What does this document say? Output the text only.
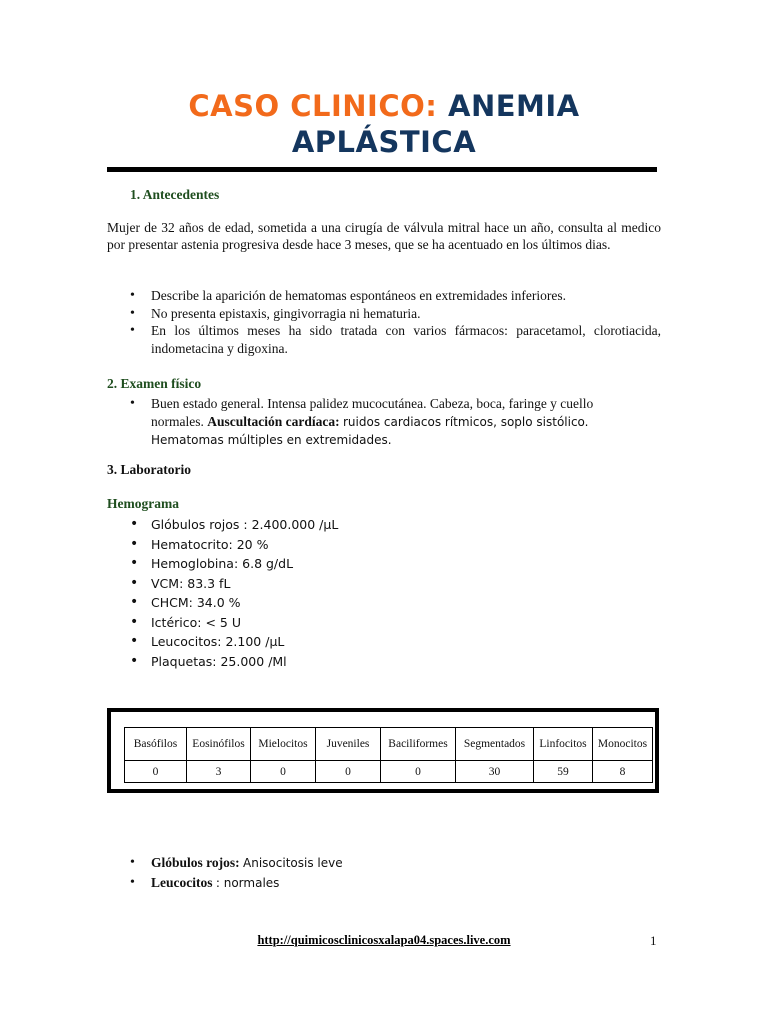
CASO CLINICO: ANEMIA
APLÁSTICA
1. Antecedentes
Mujer de 32 años de edad, sometida a una cirugía de válvula mitral hace un año, consulta al medico por presentar astenia progresiva desde hace 3 meses, que se ha acentuado en los últimos dias.
• Describe la aparición de hematomas espontáneos en extremidades inferiores.
• No presenta epistaxis, gingivorragia ni hematuria.
• En los últimos meses ha sido tratada con varios fármacos: paracetamol, clorotiacida, indometacina y digoxina.
2. Examen físico
• Buen estado general. Intensa palidez mucocutánea. Cabeza, boca, faringe y cuello normales. Auscultación cardíaca: ruidos cardiacos rítmicos, soplo sistólico. Hematomas múltiples en extremidades.
3. Laboratorio
Hemograma
• Glóbulos rojos : 2.400.000 /µL
• Hematocrito: 20 %
• Hemoglobina: 6.8 g/dL
• VCM: 83.3 fL
• CHCM: 34.0 %
• Ictérico: < 5 U
• Leucocitos: 2.100 /µL
• Plaquetas: 25.000 /Ml
Basófilos	Eosinófilos	Mielocitos	Juveniles	Baciliformes	Segmentados	Linfocitos	Monocitos
0	3	0	0	0	30	59	8
• Glóbulos rojos: Anisocitosis leve
• Leucocitos : normales
http://quimicosclinicosxalapa04.spaces.live.com	1
